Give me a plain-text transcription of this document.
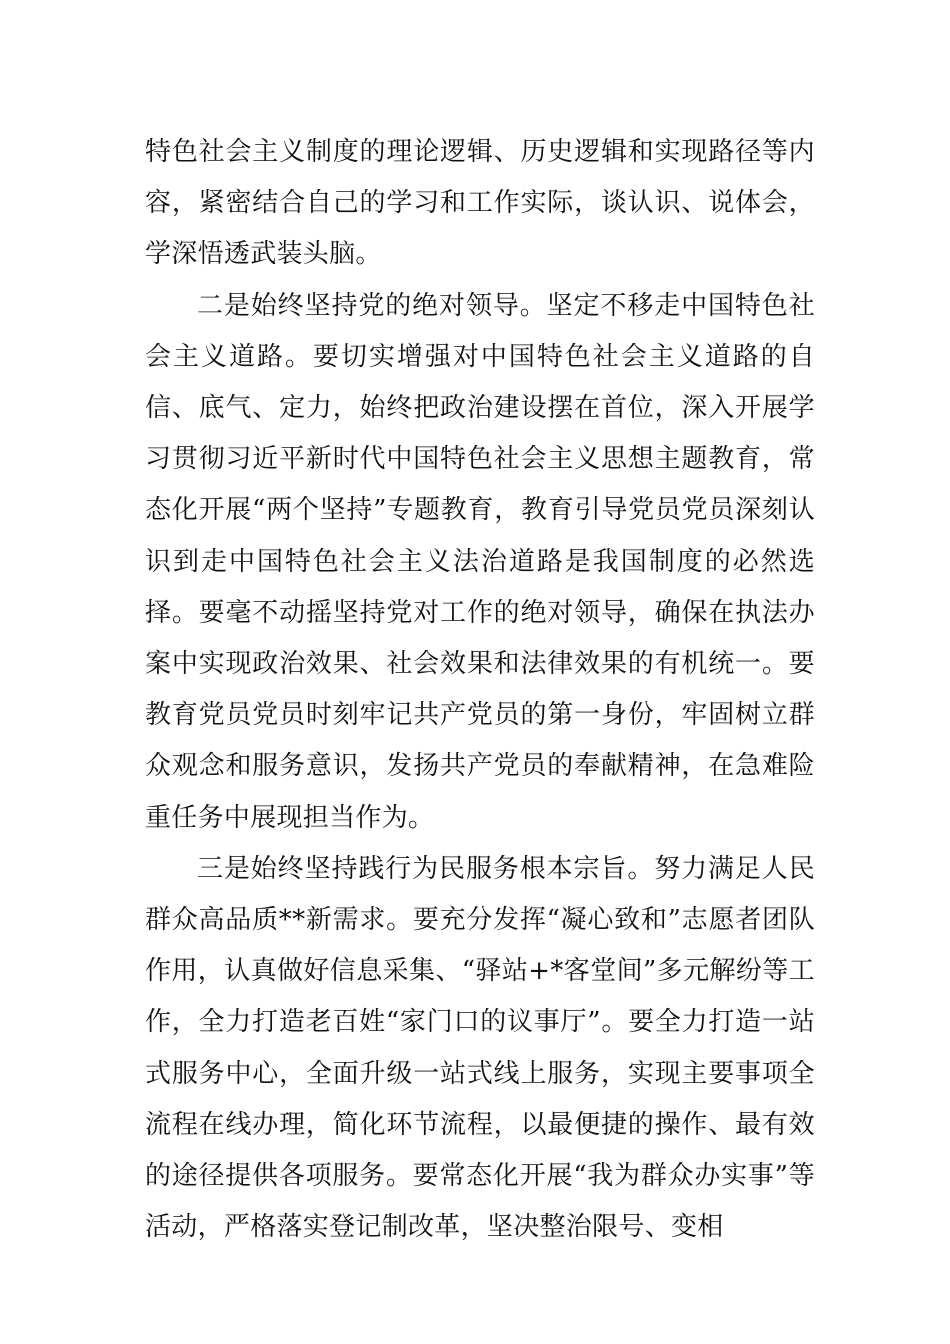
特色社会主义制度的理论逻辑、历史逻辑和实现路径等内容，紧密结合自己的学习和工作实际，谈认识、说体会，学深悟透武装头脑。

二是始终坚持党的绝对领导。坚定不移走中国特色社会主义道路。要切实增强对中国特色社会主义道路的自信、底气、定力，始终把政治建设摆在首位，深入开展学习贯彻习近平新时代中国特色社会主义思想主题教育，常态化开展“两个坚持”专题教育，教育引导党员党员深刻认识到走中国特色社会主义法治道路是我国制度的必然选择。要毫不动摇坚持党对工作的绝对领导，确保在执法办案中实现政治效果、社会效果和法律效果的有机统一。要教育党员党员时刻牢记共产党员的第一身份，牢固树立群众观念和服务意识，发扬共产党员的奉献精神，在急难险重任务中展现担当作为。

三是始终坚持践行为民服务根本宗旨。努力满足人民群众高品质**新需求。要充分发挥“凝心致和”志愿者团队作用，认真做好信息采集、“驿站+*客堂间”多元解纷等工作，全力打造老百姓“家门口的议事厅”。要全力打造一站式服务中心，全面升级一站式线上服务，实现主要事项全流程在线办理，简化环节流程，以最便捷的操作、最有效的途径提供各项服务。要常态化开展“我为群众办实事”等活动，严格落实登记制改革，坚决整治限号、变相
